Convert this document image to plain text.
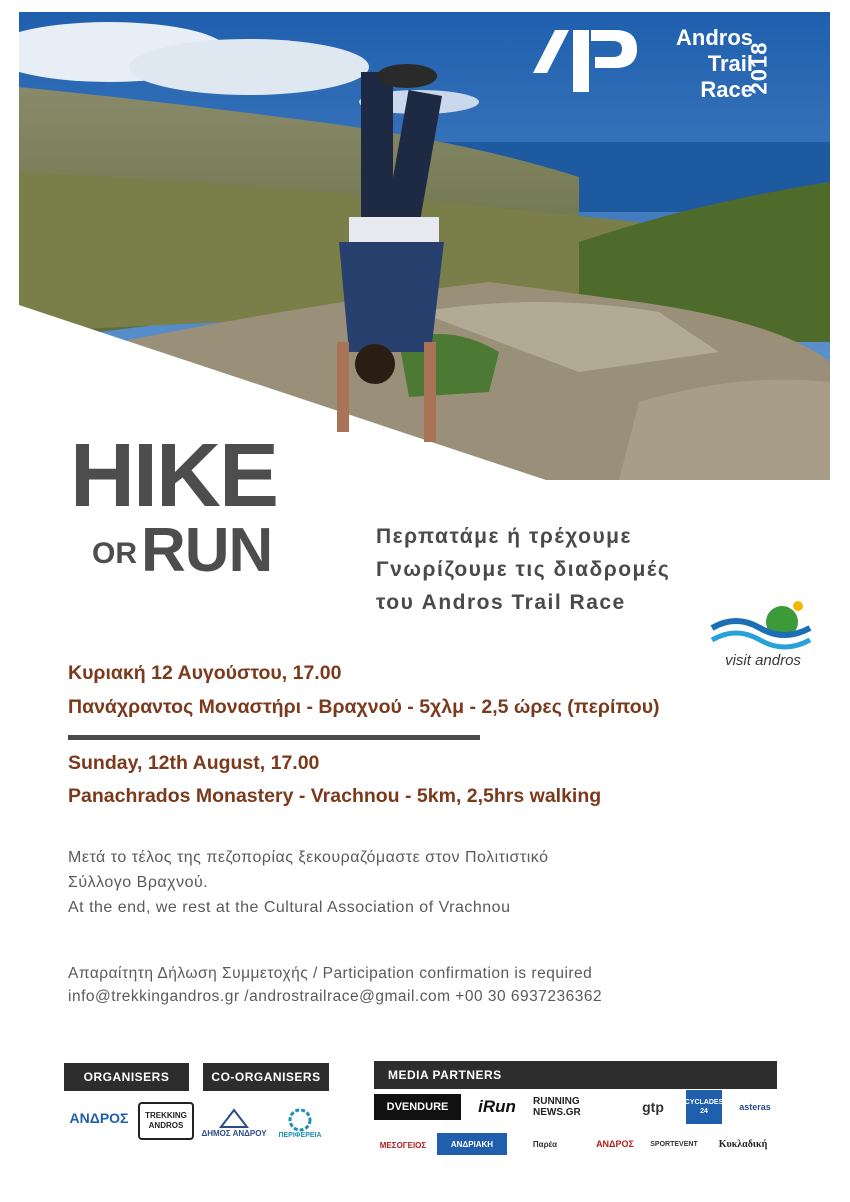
Andros
Trail
Race
2018
HIKE
ORRUN	Περπατάμε ή τρέχουμε
Γνωρίζουμε τις διαδρομές
του Andros Trail Race
visit andros
Κυριακή 12 Αυγούστου, 17.00
Πανάχραντος Μοναστήρι - Βραχνού - 5χλμ - 2,5 ώρες (περίπου)
Sunday, 12th August, 17.00
Panachrados Monastery - Vrachnou - 5km, 2,5hrs walking
Μετά το τέλος της πεζοπορίας ξεκουραζόμαστε στον Πολιτιστικό
Σύλλογο Βραχνού.
At the end, we rest at the Cultural Association of Vrachnou
Απαραίτητη Δήλωση Συμμετοχής / Participation confirmation is required
info@trekkingandros.gr /androstrailrace@gmail.com +00 30 6937236362
ORGANISERS	CO-ORGANISERS	MEDIA PARTNERS
ΑΝΔΡΟΣ	TREKKING ANDROS
ΔΗΜΟΣ ΑΝΔΡΟΥ ΠΕΡΙΦΕΡΕΙΑ
DVENDURE	iRun	RUNNING NEWS.GR	gtp	CYCLADES 24	asteras
ΜΕΣΟΓΕΙΟΣ	ΑΝΔΡΙΑΚΗ	Παρέα	ΑΝΔΡΟΣ	SPORTEVENT	Κυκλαδική
